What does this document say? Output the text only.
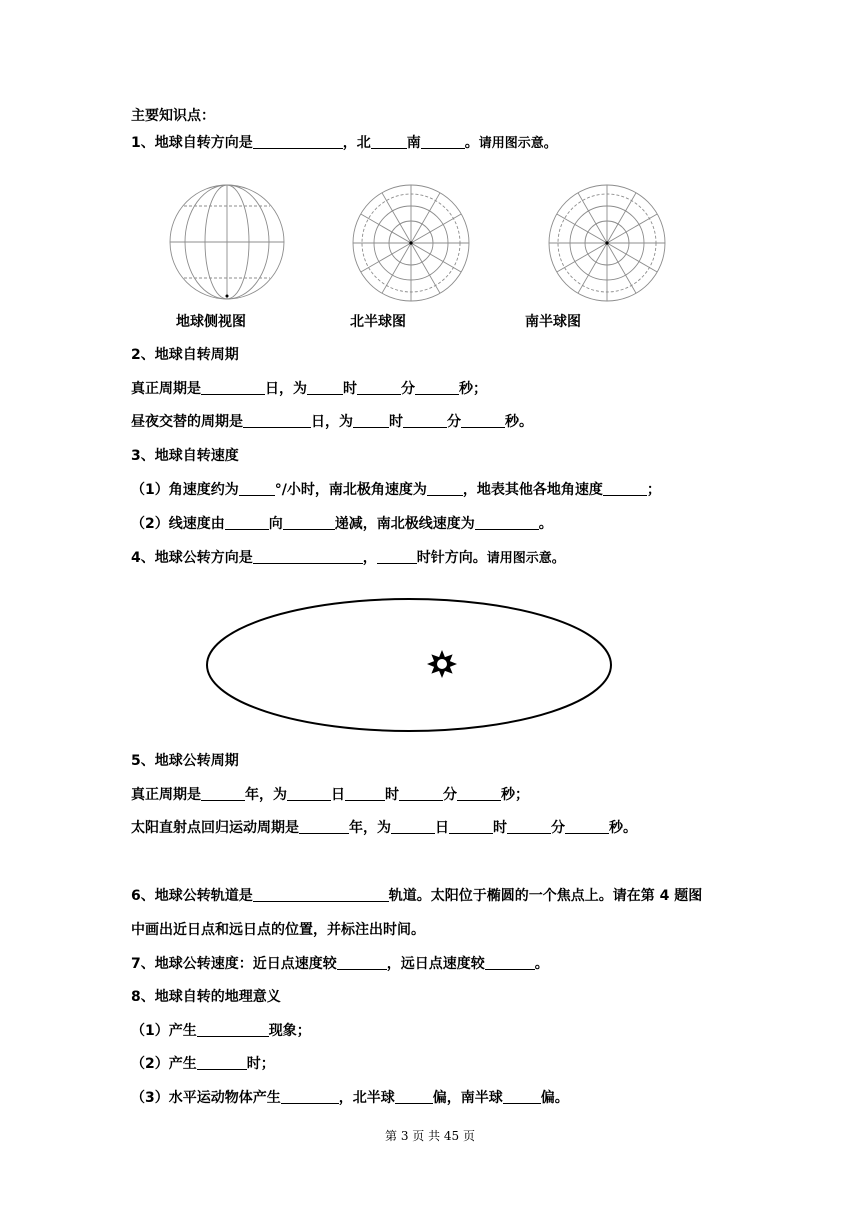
主要知识点：
1、地球自转方向是	，北	南	。请用图示意。
地球侧视图	北半球图	南半球图
2、地球自转周期
真正周期是	日，为	时	分	秒；
昼夜交替的周期是	日，为	时	分	秒。
3、地球自转速度
（1）角速度约为	°/小时，南北极角速度为	，地表其他各地角速度	；
（2）线速度由	向	递减，南北极线速度为	。
4、地球公转方向是	，	时针方向。请用图示意。
5、地球公转周期
真正周期是	年，为	日	时	分	秒；
太阳直射点回归运动周期是	年，为	日	时	分	秒。
6、地球公转轨道是	轨道。太阳位于椭圆的一个焦点上。请在第 4 题图
中画出近日点和远日点的位置，并标注出时间。
7、地球公转速度：近日点速度较	，远日点速度较	。
8、地球自转的地理意义
（1）产生	现象；
（2）产生	时；
（3）水平运动物体产生	，北半球	偏，南半球	偏。
第 3 页 共 45 页
